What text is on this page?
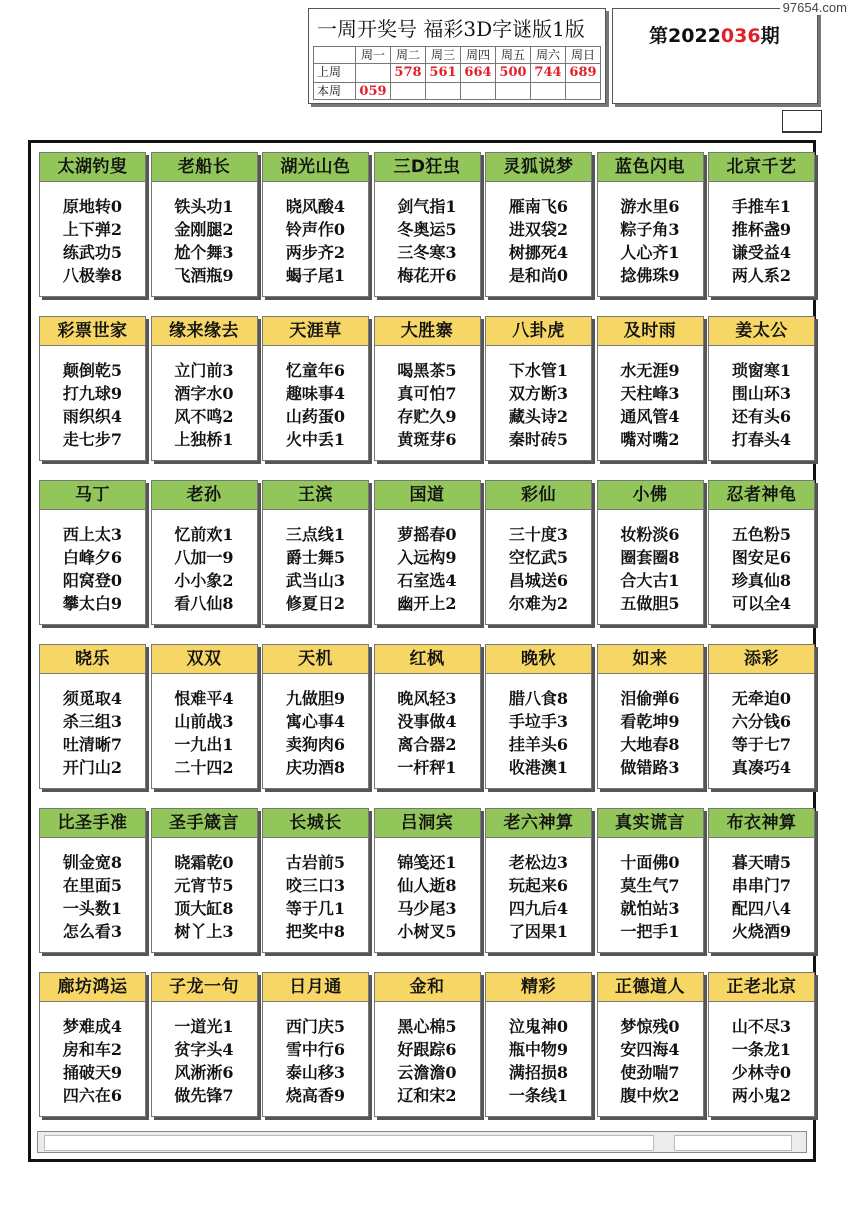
一周开奖号 福彩3D字谜版1版
周一 周二 周三 周四 周五 周六 周日
上周	578 561 664 500 744 689
本周	059
第2022036期
97654.com
太湖钓叟
原地转0
上下弹2
练武功5
八极拳8
老船长
铁头功1
金刚腿2
尬个舞3
飞酒瓶9
湖光山色
晓风酸4
铃声作0
两步齐2
蝎子尾1
三D狂虫
剑气指1
冬奥运5
三冬寒3
梅花开6
灵狐说梦
雁南飞6
进双袋2
树挪死4
是和尚0
蓝色闪电
游水里6
粽子角3
人心齐1
捻佛珠9
北京千艺
手推车1
推杯盏9
谦受益4
两人系2
彩票世家
颠倒乾5
打九球9
雨织织4
走七步7
缘来缘去
立门前3
酒字水0
风不鸣2
上独桥1
天涯草
忆童年6
趣味事4
山药蛋0
火中丢1
大胜寨
喝黑茶5
真可怕7
存贮久9
黄斑芽6
八卦虎
下水管1
双方断3
藏头诗2
秦时砖5
及时雨
水无涯9
天柱峰3
通风管4
嘴对嘴2
姜太公
琐窗寒1
围山环3
还有头6
打春头4
马丁
西上太3
白峰夕6
阳窝登0
攀太白9
老孙
忆前欢1
八加一9
小小象2
看八仙8
王滨
三点线1
爵士舞5
武当山3
修夏日2
国道
萝摇春0
入远构9
石室选4
幽开上2
彩仙
三十度3
空忆武5
昌城送6
尔难为2
小佛
妆粉淡6
圈套圈8
合大古1
五做胆5
忍者神龟
五色粉5
图安足6
珍真仙8
可以全4
晓乐
须觅取4
杀三组3
吐清晰7
开门山2
双双
恨难平4
山前战3
一九出1
二十四2
天机
九做胆9
寓心事4
卖狗肉6
庆功酒8
红枫
晚风轻3
没事做4
离合器2
一杆秤1
晚秋
腊八食8
手垃手3
挂羊头6
收港澳1
如来
泪偷弹6
看乾坤9
大地春8
做错路3
添彩
无牵迫0
六分钱6
等于七7
真凑巧4
比圣手准
钏金宽8
在里面5
一头数1
怎么看3
圣手箴言
晓霜乾0
元宵节5
顶大缸8
树丫上3
长城长
古岩前5
咬三口3
等于几1
把奖中8
吕洞宾
锦笺还1
仙人逝8
马少尾3
小树叉5
老六神算
老松边3
玩起来6
四九后4
了因果1
真实谎言
十面佛0
莫生气7
就怕站3
一把手1
布衣神算
暮天晴5
串串门7
配四八4
火烧酒9
廊坊鸿运
梦难成4
房和车2
捅破天9
四六在6
子龙一句
一道光1
贫字头4
风淅淅6
做先锋7
日月通
西门庆5
雪中行6
泰山移3
烧高香9
金和
黑心棉5
好跟踪6
云澹澹0
辽和宋2
精彩
泣鬼神0
瓶中物9
满招损8
一条线1
正德道人
梦惊残0
安四海4
使劲喘7
腹中炊2
正老北京
山不尽3
一条龙1
少林寺0
两小鬼2
